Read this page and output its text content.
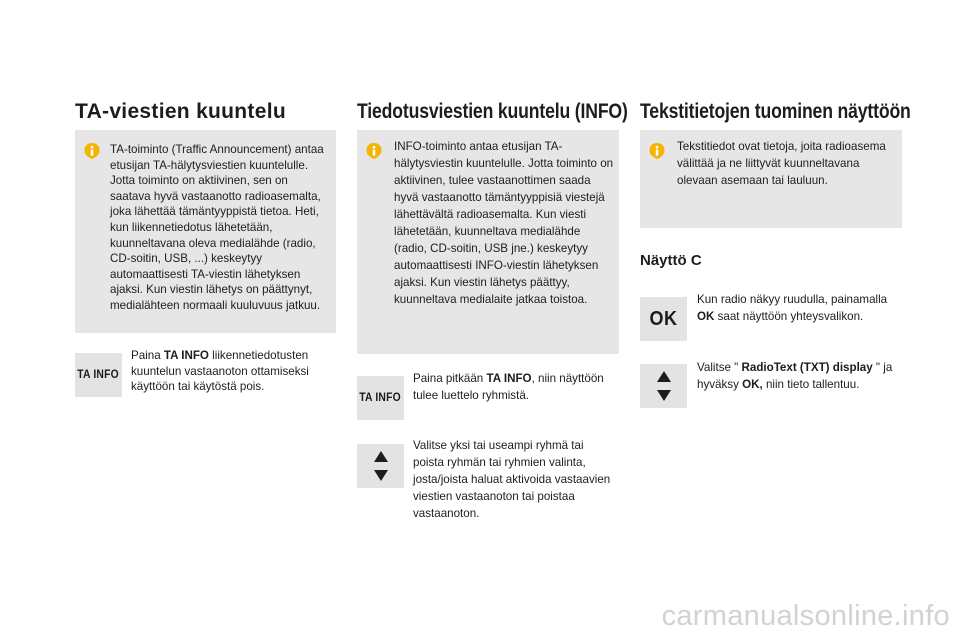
TA-viestien kuuntelu

TA-toiminto (Traffic Announcement) antaa etusijan TA-hälytysviestien kuuntelulle. Jotta toiminto on aktiivinen, sen on saatava hyvä vastaanotto radioasemalta, joka lähettää tämäntyyppistä tietoa. Heti, kun liikennetiedotus lähetetään, kuunneltavana oleva medialähde (radio, CD-soitin, USB, ...) keskeytyy automaattisesti TA-viestin lähetyksen ajaksi. Kun viestin lähetys on päättynyt, medialähteen normaali kuuluvuus jatkuu.

TA INFO

Paina TA INFO liikennetiedotusten kuuntelun vastaanoton ottamiseksi käyttöön tai käytöstä pois.

Tiedotusviestien kuuntelu (INFO)

INFO-toiminto antaa etusijan TA-hälytysviestin kuuntelulle. Jotta toiminto on aktiivinen, tulee vastaanottimen saada hyvä vastaanotto tämäntyyppisiä viestejä lähettävältä radioasemalta. Kun viesti lähetetään, kuunneltava medialähde (radio, CD-soitin, USB jne.) keskeytyy automaattisesti INFO-viestin lähetyksen ajaksi. Kun viestin lähetys päättyy, kuunneltava medialaite jatkaa toistoa.

TA INFO

Paina pitkään TA INFO, niin näyttöön tulee luettelo ryhmistä.

Valitse yksi tai useampi ryhmä tai poista ryhmän tai ryhmien valinta, josta/joista haluat aktivoida vastaavien viestien vastaanoton tai poistaa vastaanoton.

Tekstitietojen tuominen näyttöön

Tekstitiedot ovat tietoja, joita radioasema välittää ja ne liittyvät kuunneltavana olevaan asemaan tai lauluun.

Näyttö C
OK

Kun radio näkyy ruudulla, painamalla OK saat näyttöön yhteysvalikon.

Valitse " RadioText (TXT) display " ja hyväksy OK, niin tieto tallentuu.

carmanualsonline.info
